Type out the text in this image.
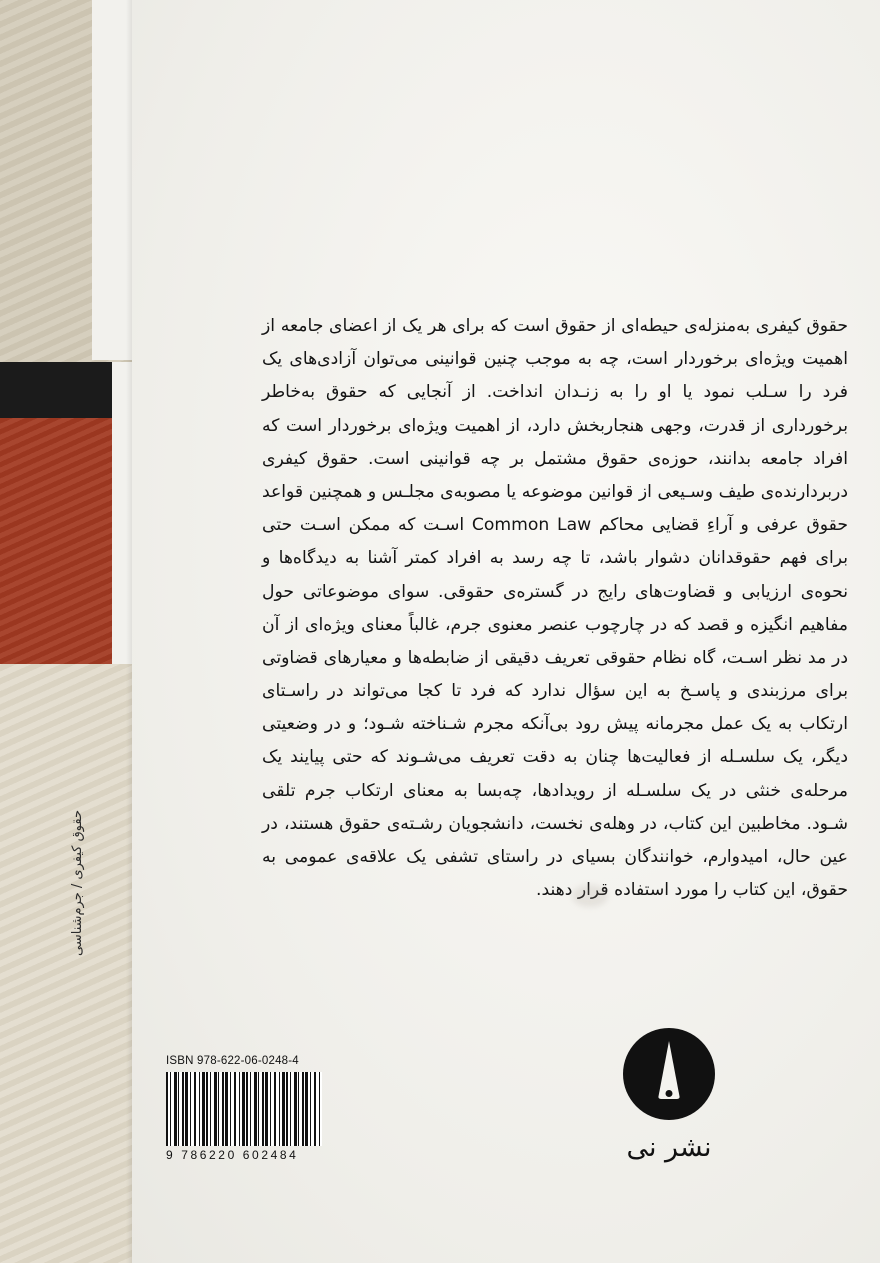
حقوق کیفری / جرم‌شناسی

حقوق کیفری به‌منزله‌ی حیطه‌ای از حقوق است که برای هر یک از اعضای جامعه از اهمیت ویژه‌ای برخوردار است، چه به موجب چنین قوانینی می‌توان آزادی‌های یک فرد را سـلب نمود یا او را به زنـدان انداخت. از آنجایی که حقوق به‌خاطر برخورداری از قدرت، وجهی هنجاربخش دارد، از اهمیت ویژه‌ای برخوردار است که افراد جامعه بدانند، حوزه‌ی حقوق مشتمل بر چه قوانینی است. حقوق کیفری دربردارنده‌ی طیف وسـیعی از قوانین موضوعه یا مصوبه‌ی مجلـس و همچنین قواعد حقوق عرفی و آراءِ قضایی محاکم Common Law اسـت که ممکن اسـت حتی برای فهم حقوقدانان دشوار باشد، تا چه رسد به افراد کمتر آشنا به دیدگاه‌ها و نحوه‌ی ارزیابی و قضاوت‌های رایج در گستره‌ی حقوقی. سوای موضوعاتی حول مفاهیم انگیزه و قصد که در چارچوب عنصر معنوی جرم، غالباً معنای ویژه‌ای از آن در مد نظر اسـت، گاه نظام حقوقی تعریف دقیقی از ضابطه‌ها و معیارهای قضاوتی برای مرزبندی و پاسـخ به این سؤال ندارد که فرد تا کجا می‌تواند در راسـتای ارتکاب به یک عمل مجرمانه پیش رود بی‌آنکه مجرم شـناخته شـود؛ و در وضعیتی دیگر، یک سلسـله از فعالیت‌ها چنان به دقت تعریف می‌شـوند که حتی پیایند یک مرحله‌ی خنثی در یک سلسـله از رویدادها، چه‌بسا به معنای ارتکاب جرم تلقی شـود. مخاطبین این کتاب، در وهله‌ی نخست، دانشجویان رشـته‌ی حقوق هستند، در عین حال، امیدوارم، خوانندگان بسیای در راستای تشفی یک علاقه‌ی عمومی به حقوق، این کتاب را مورد استفاده قرار دهند.

ISBN 978-622-06-0248-4
9 786220 602484	نشر نی
